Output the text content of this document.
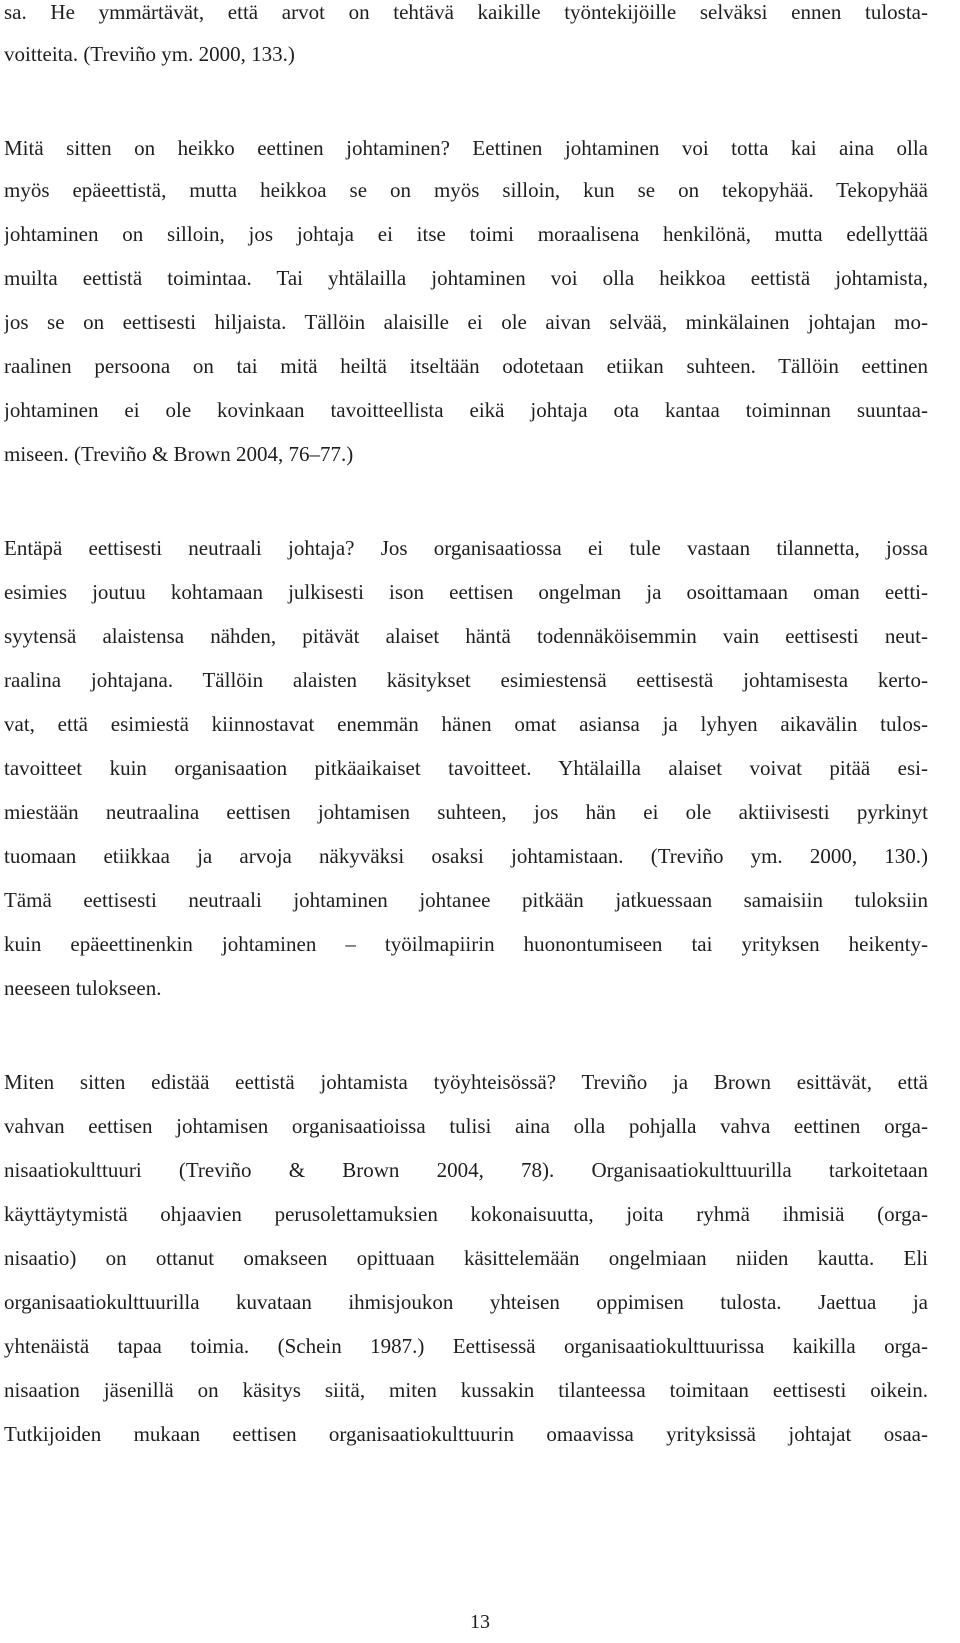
sa. He ymmärtävät, että arvot on tehtävä kaikille työntekijöille selväksi ennen tulosta-
voitteita. (Treviño ym. 2000, 133.)
Mitä sitten on heikko eettinen johtaminen? Eettinen johtaminen voi totta kai aina olla
myös epäeettistä, mutta heikkoa se on myös silloin, kun se on tekopyhää. Tekopyhää
johtaminen on silloin, jos johtaja ei itse toimi moraalisena henkilönä, mutta edellyttää
muilta eettistä toimintaa. Tai yhtälailla johtaminen voi olla heikkoa eettistä johtamista,
jos se on eettisesti hiljaista. Tällöin alaisille ei ole aivan selvää, minkälainen johtajan mo-
raalinen persoona on tai mitä heiltä itseltään odotetaan etiikan suhteen. Tällöin eettinen
johtaminen ei ole kovinkaan tavoitteellista eikä johtaja ota kantaa toiminnan suuntaa-
miseen. (Treviño & Brown 2004, 76–77.)
Entäpä eettisesti neutraali johtaja? Jos organisaatiossa ei tule vastaan tilannetta, jossa
esimies joutuu kohtamaan julkisesti ison eettisen ongelman ja osoittamaan oman eetti-
syytensä alaistensa nähden, pitävät alaiset häntä todennäköisemmin vain eettisesti neut-
raalina johtajana. Tällöin alaisten käsitykset esimiestensä eettisestä johtamisesta kerto-
vat, että esimiestä kiinnostavat enemmän hänen omat asiansa ja lyhyen aikavälin tulos-
tavoitteet kuin organisaation pitkäaikaiset tavoitteet. Yhtälailla alaiset voivat pitää esi-
miestään neutraalina eettisen johtamisen suhteen, jos hän ei ole aktiivisesti pyrkinyt
tuomaan etiikkaa ja arvoja näkyväksi osaksi johtamistaan. (Treviño ym. 2000, 130.)
Tämä eettisesti neutraali johtaminen johtanee pitkään jatkuessaan samaisiin tuloksiin
kuin epäeettinenkin johtaminen – työilmapiirin huonontumiseen tai yrityksen heikenty-
neeseen tulokseen.
Miten sitten edistää eettistä johtamista työyhteisössä? Treviño ja Brown esittävät, että
vahvan eettisen johtamisen organisaatioissa tulisi aina olla pohjalla vahva eettinen orga-
nisaatiokulttuuri (Treviño & Brown 2004, 78). Organisaatiokulttuurilla tarkoitetaan
käyttäytymistä ohjaavien perusolettamuksien kokonaisuutta, joita ryhmä ihmisiä (orga-
nisaatio) on ottanut omakseen opittuaan käsittelemään ongelmiaan niiden kautta. Eli
organisaatiokulttuurilla kuvataan ihmisjoukon yhteisen oppimisen tulosta. Jaettua ja
yhtenäistä tapaa toimia. (Schein 1987.) Eettisessä organisaatiokulttuurissa kaikilla orga-
nisaation jäsenillä on käsitys siitä, miten kussakin tilanteessa toimitaan eettisesti oikein.
Tutkijoiden mukaan eettisen organisaatiokulttuurin omaavissa yrityksissä johtajat osaa-
13
